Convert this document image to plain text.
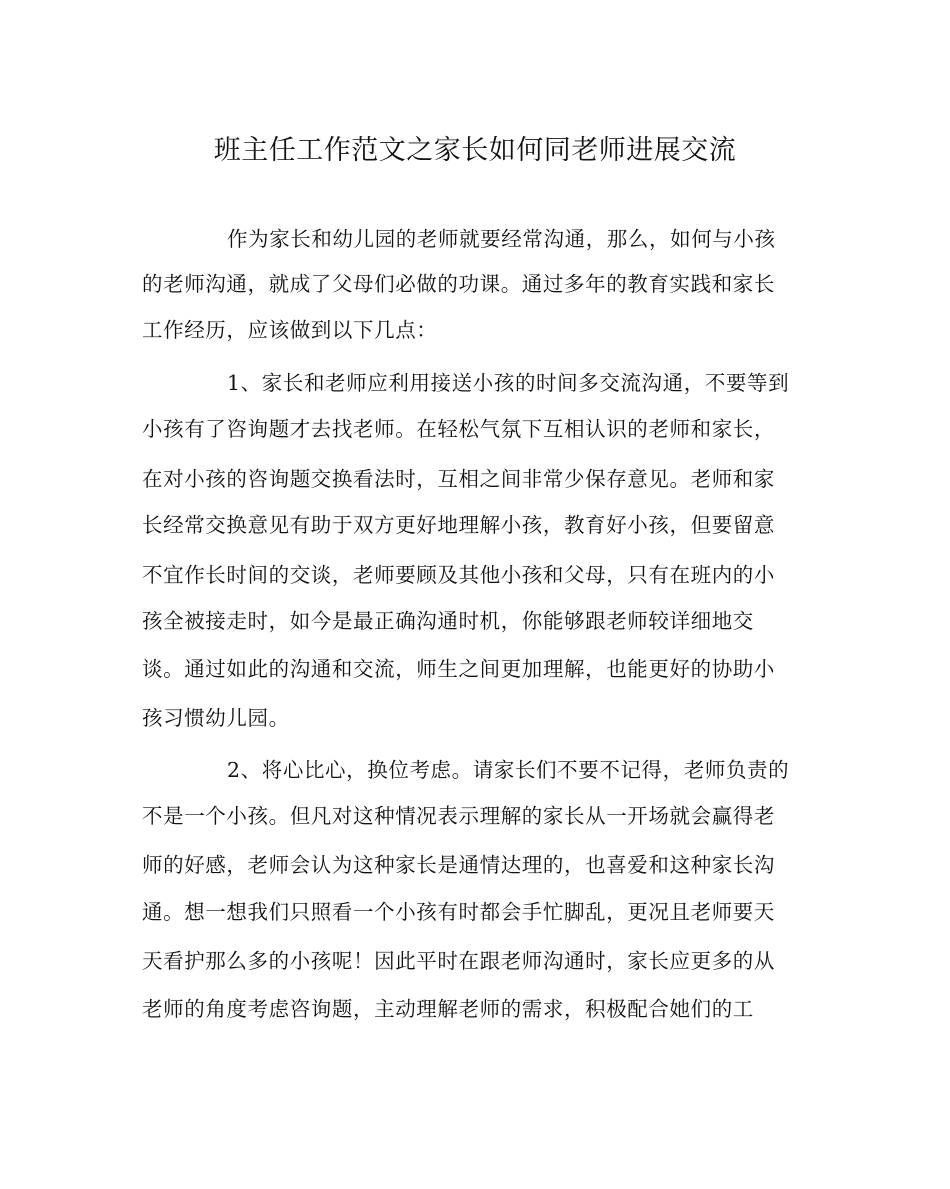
班主任工作范文之家长如何同老师进展交流
作为家长和幼儿园的老师就要经常沟通，那么，如何与小孩
的老师沟通，就成了父母们必做的功课。通过多年的教育实践和家长
工作经历，应该做到以下几点：
1、家长和老师应利用接送小孩的时间多交流沟通，不要等到
小孩有了咨询题才去找老师。在轻松气氛下互相认识的老师和家长，
在对小孩的咨询题交换看法时，互相之间非常少保存意见。老师和家
长经常交换意见有助于双方更好地理解小孩，教育好小孩，但要留意
不宜作长时间的交谈，老师要顾及其他小孩和父母，只有在班内的小
孩全被接走时，如今是最正确沟通时机，你能够跟老师较详细地交
谈。通过如此的沟通和交流，师生之间更加理解，也能更好的协助小
孩习惯幼儿园。
2、将心比心，换位考虑。请家长们不要不记得，老师负责的
不是一个小孩。但凡对这种情况表示理解的家长从一开场就会赢得老
师的好感，老师会认为这种家长是通情达理的，也喜爱和这种家长沟
通。想一想我们只照看一个小孩有时都会手忙脚乱，更况且老师要天
天看护那么多的小孩呢！因此平时在跟老师沟通时，家长应更多的从
老师的角度考虑咨询题，主动理解老师的需求，积极配合她们的工
